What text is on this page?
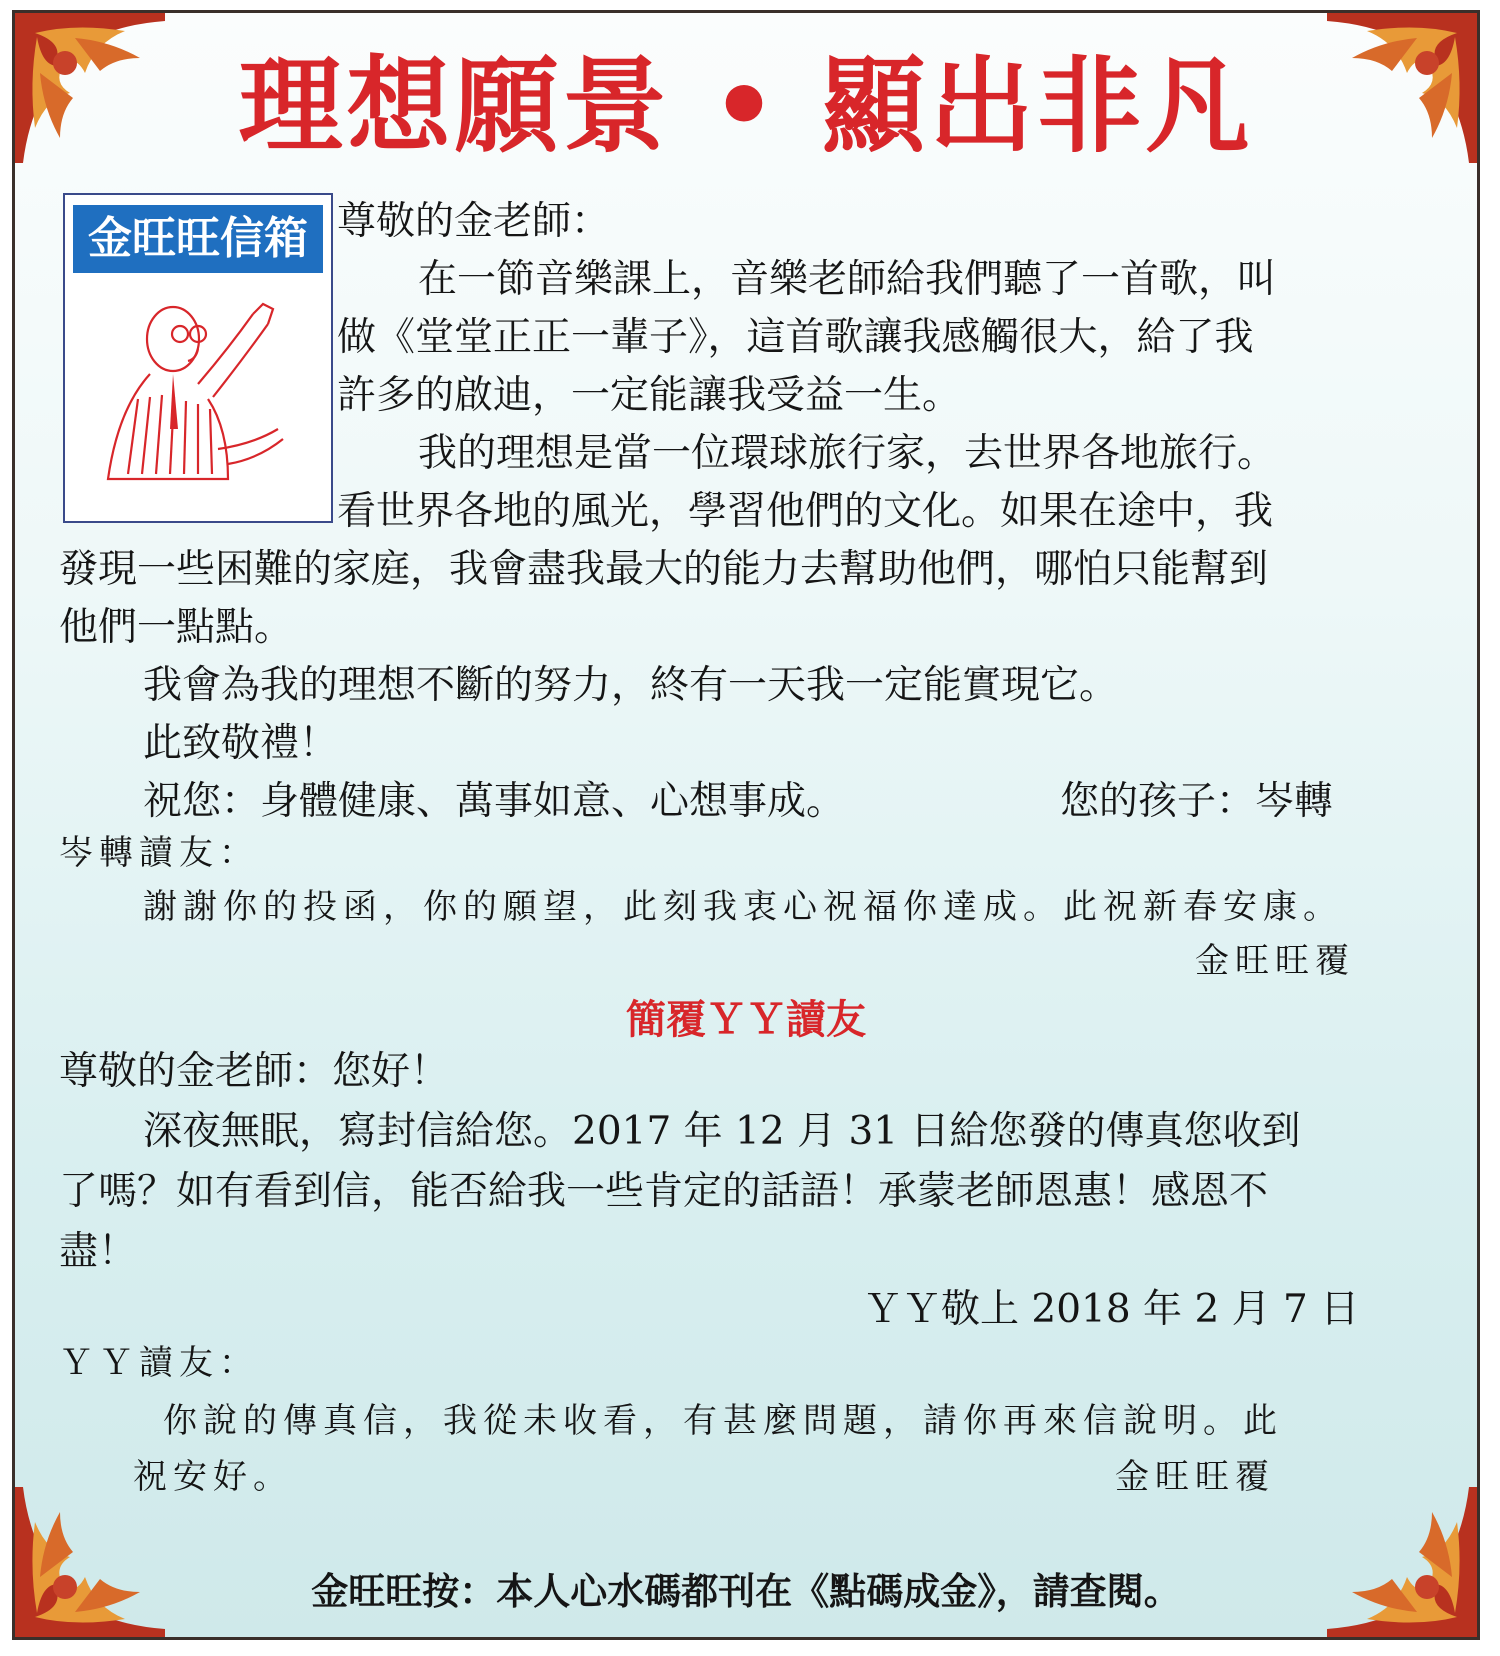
理想願景 • 顯出非凡
金旺旺信箱 尊敬的金老師：
在一節音樂課上，音樂老師給我們聽了一首歌，叫
做《堂堂正正一輩子》，這首歌讓我感觸很大，給了我
許多的啟迪，一定能讓我受益一生。
我的理想是當一位環球旅行家，去世界各地旅行。
看世界各地的風光，學習他們的文化。如果在途中，我
發現一些困難的家庭，我會盡我最大的能力去幫助他們，哪怕只能幫到
他們一點點。
我會為我的理想不斷的努力，終有一天我一定能實現它。
此致敬禮！
祝您：身體健康、萬事如意、心想事成。	您的孩子：岑轉
岑轉讀友：
謝謝你的投函，你的願望，此刻我衷心祝福你達成。此祝新春安康。
金旺旺覆
簡覆ＹＹ讀友
尊敬的金老師：您好！
深夜無眠，寫封信給您。2017 年 12 月 31 日給您發的傳真您收到
了嗎？如有看到信，能否給我一些肯定的話語！承蒙老師恩惠！感恩不
盡！
ＹＹ敬上 2018 年 2 月 7 日
ＹＹ讀友：
你說的傳真信，我從未收看，有甚麼問題，請你再來信說明。此
祝安好。	金旺旺覆
金旺旺按：本人心水碼都刊在《點碼成金》，請查閱。
